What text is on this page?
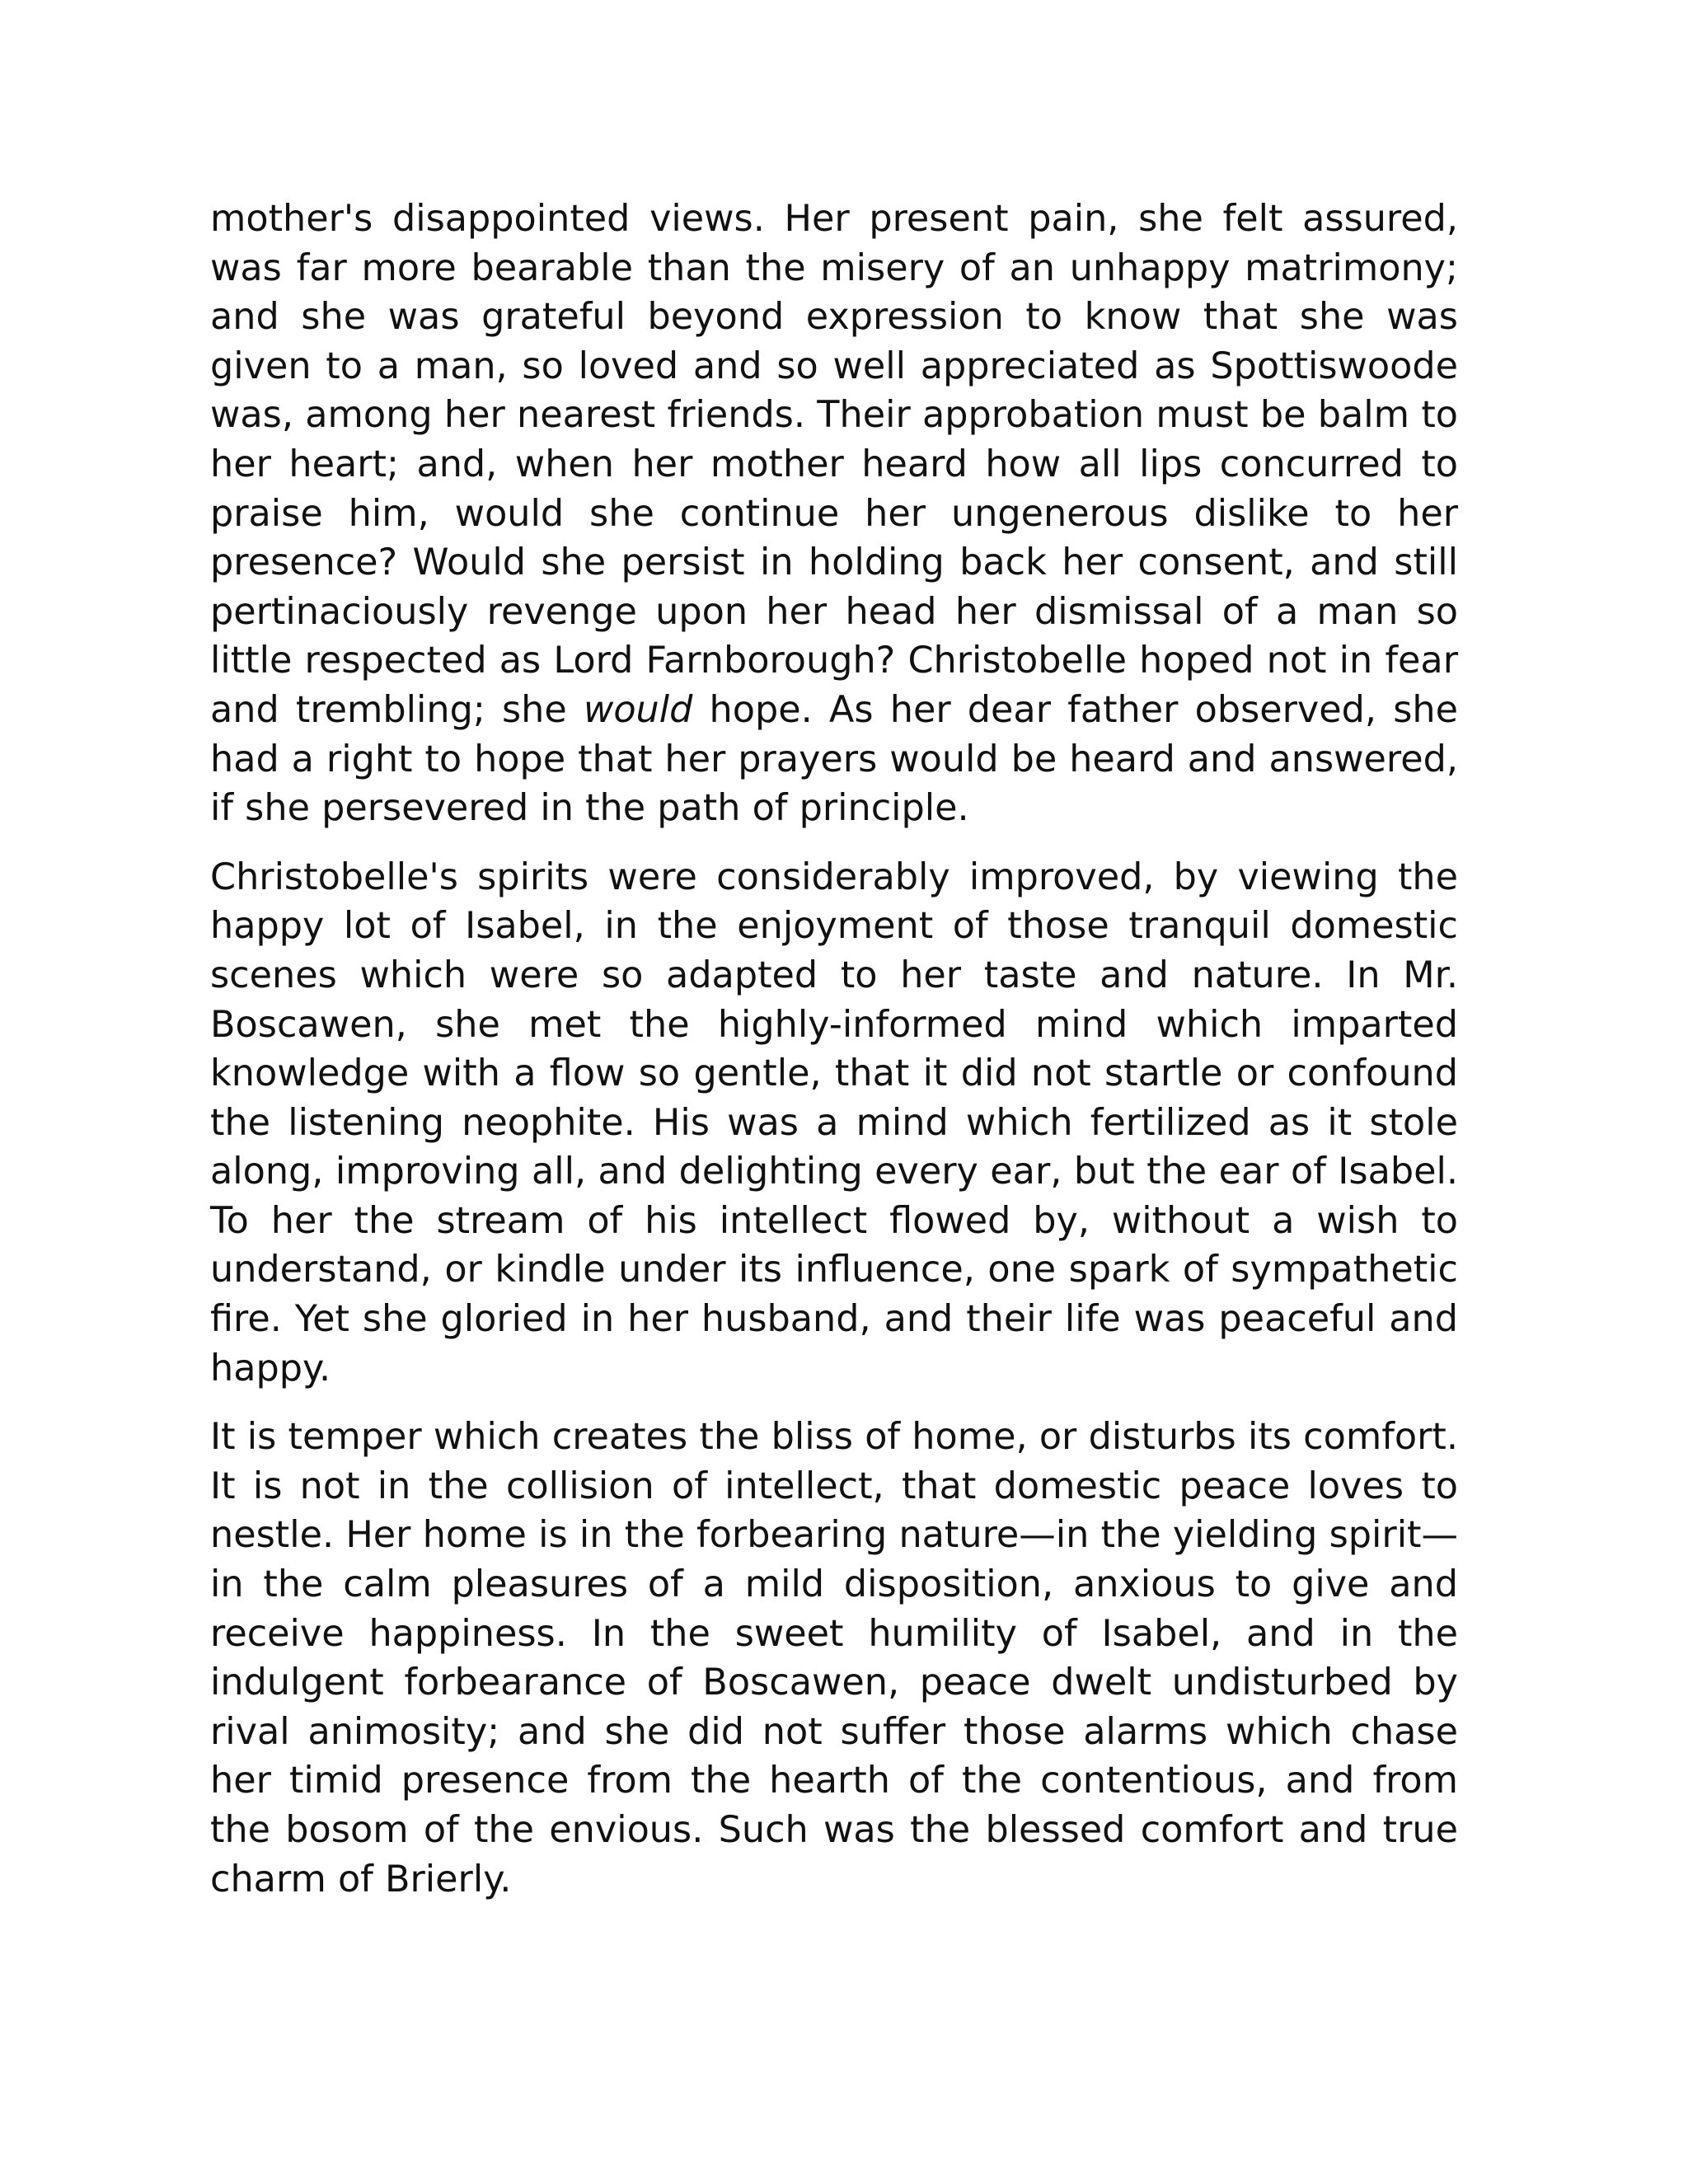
mother's disappointed views. Her present pain, she felt assured, was far more bearable than the misery of an unhappy matrimony; and she was grateful beyond expression to know that she was given to a man, so loved and so well appreciated as Spottiswoode was, among her nearest friends. Their approbation must be balm to her heart; and, when her mother heard how all lips concurred to praise him, would she continue her ungenerous dislike to her presence? Would she persist in holding back her consent, and still pertinaciously revenge upon her head her dismissal of a man so little respected as Lord Farnborough? Christobelle hoped not in fear and trembling; she would hope. As her dear father observed, she had a right to hope that her prayers would be heard and answered, if she persevered in the path of principle.

Christobelle's spirits were considerably improved, by viewing the happy lot of Isabel, in the enjoyment of those tranquil domestic scenes which were so adapted to her taste and nature. In Mr. Boscawen, she met the highly-informed mind which imparted knowledge with a flow so gentle, that it did not startle or confound the listening neophite. His was a mind which fertilized as it stole along, improving all, and delighting every ear, but the ear of Isabel. To her the stream of his intellect flowed by, without a wish to understand, or kindle under its influence, one spark of sympathetic fire. Yet she gloried in her husband, and their life was peaceful and happy.

It is temper which creates the bliss of home, or disturbs its comfort. It is not in the collision of intellect, that domestic peace loves to nestle. Her home is in the forbearing nature—in the yielding spirit—in the calm pleasures of a mild disposition, anxious to give and receive happiness. In the sweet humility of Isabel, and in the indulgent forbearance of Boscawen, peace dwelt undisturbed by rival animosity; and she did not suffer those alarms which chase her timid presence from the hearth of the contentious, and from the bosom of the envious. Such was the blessed comfort and true charm of Brierly.
